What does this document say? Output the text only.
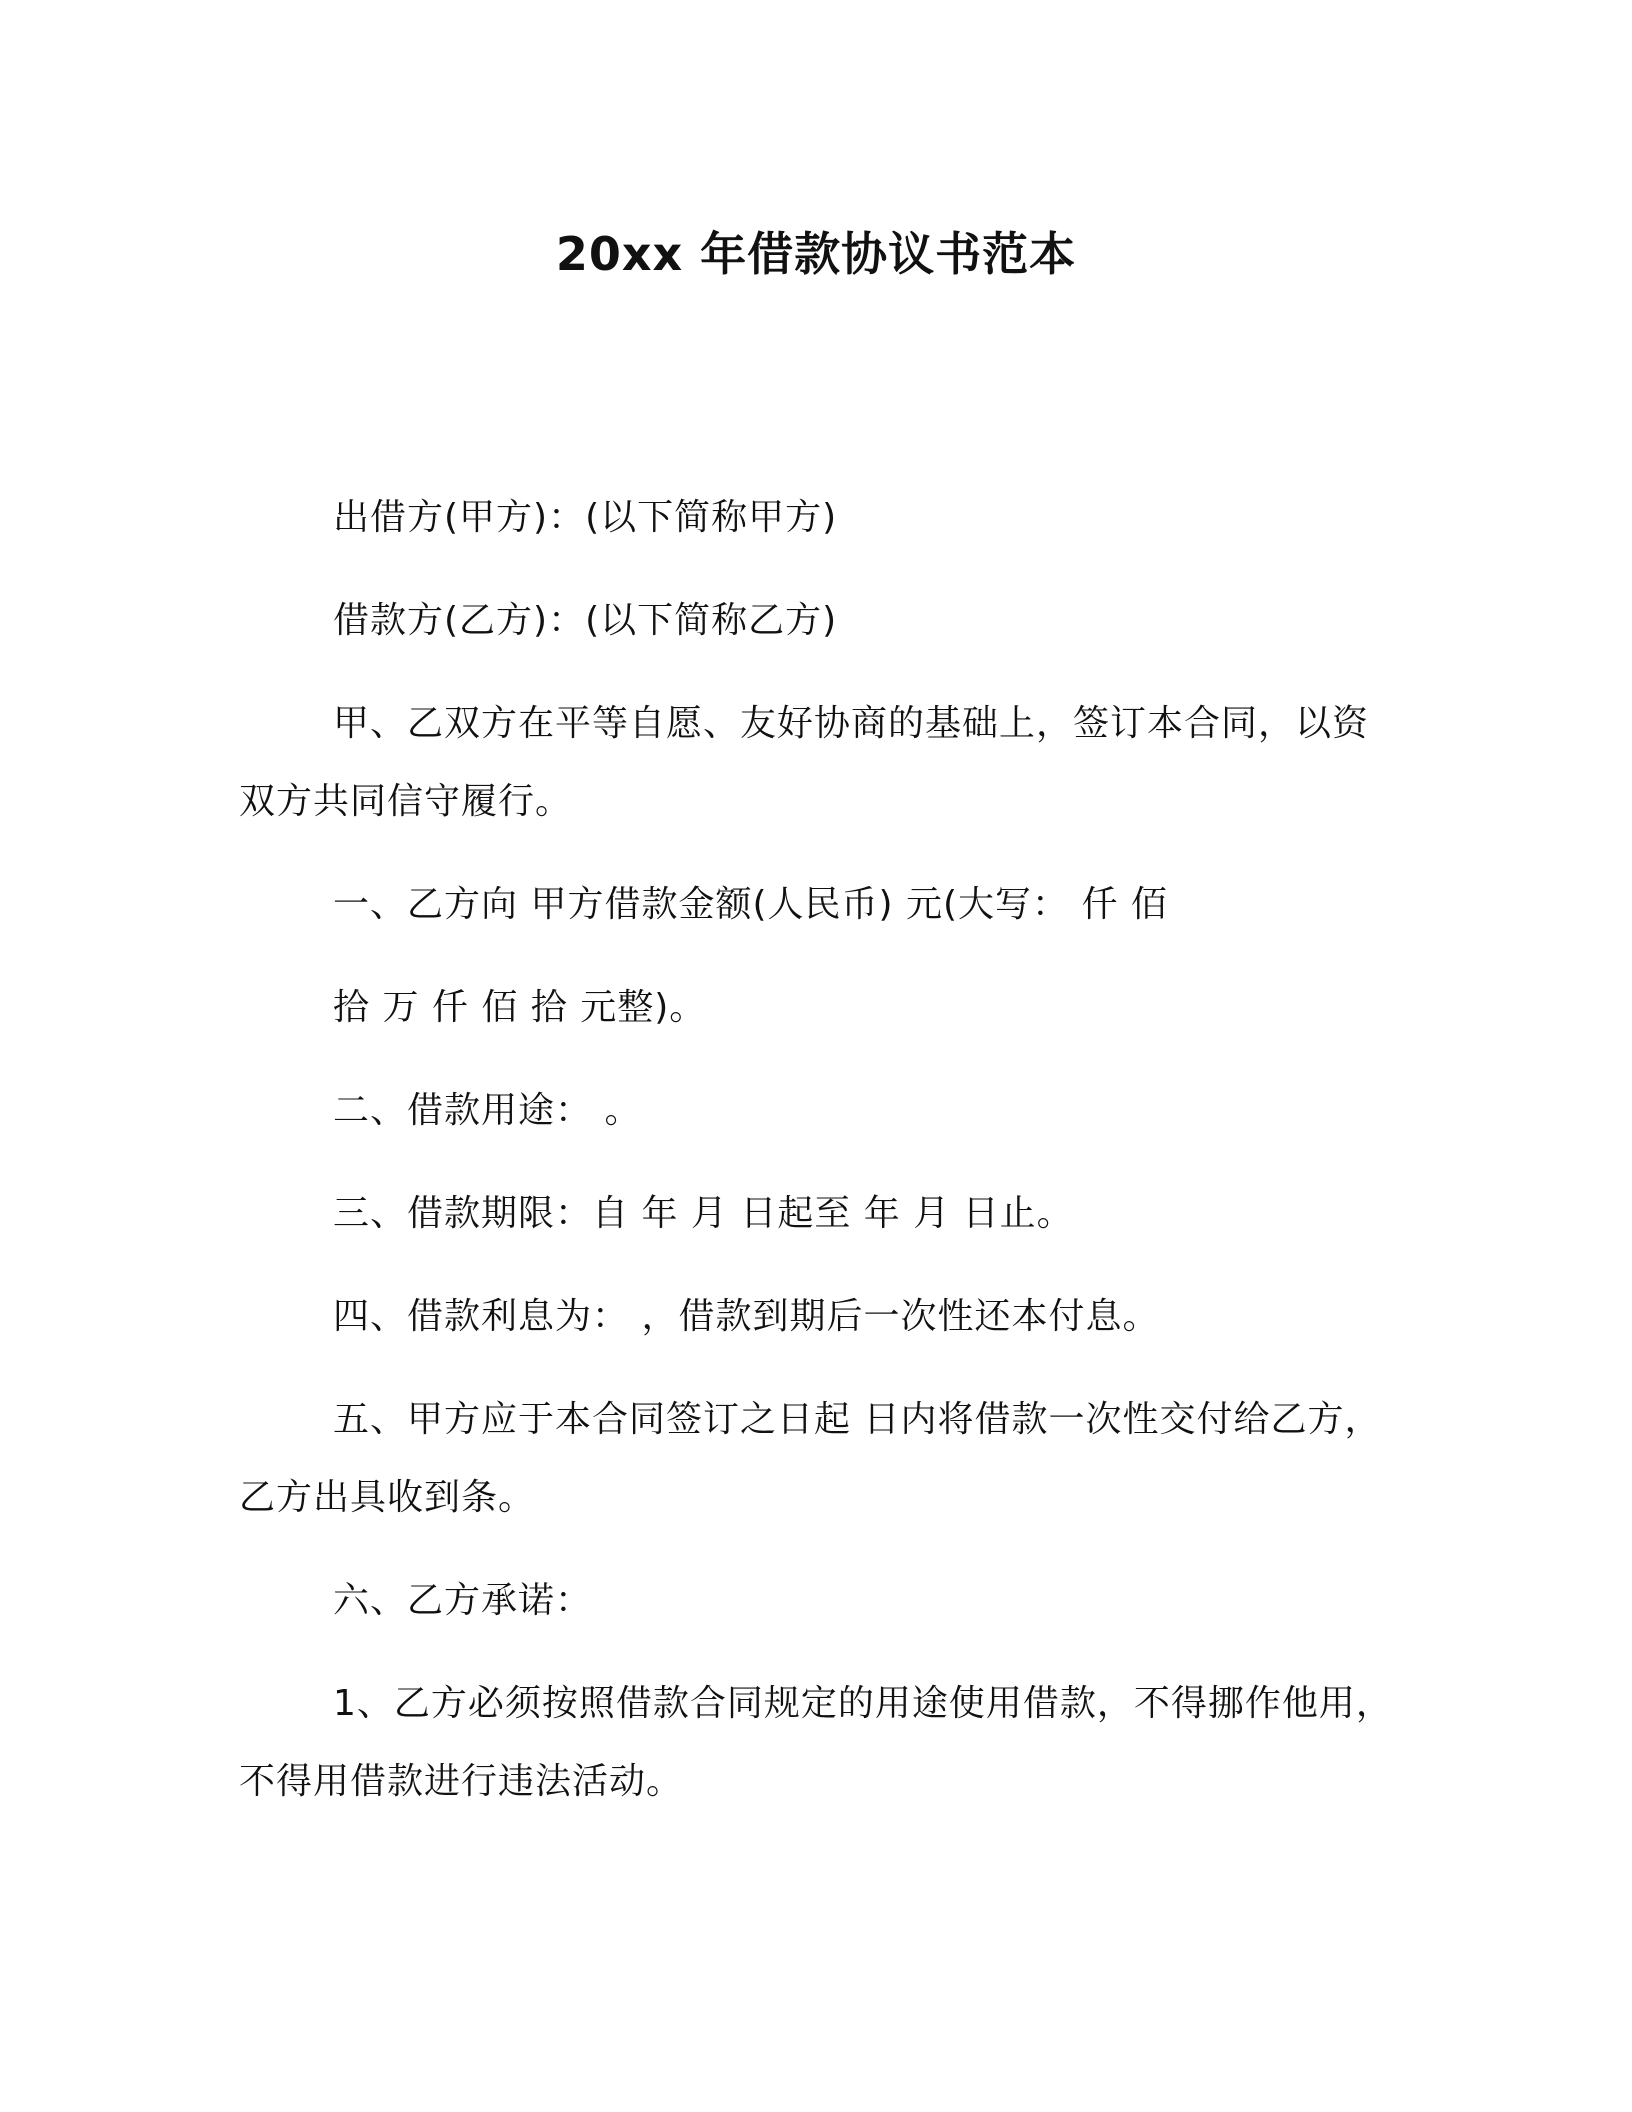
20xx 年借款协议书范本
出借方(甲方)：(以下简称甲方)
借款方(乙方)：(以下简称乙方)
甲、乙双方在平等自愿、友好协商的基础上，签订本合同，以资
双方共同信守履行。
一、乙方向 甲方借款金额(人民币) 元(大写： 仟 佰
拾 万 仟 佰 拾 元整)。
二、借款用途： 。
三、借款期限：自 年 月 日起至 年 月 日止。
四、借款利息为： ，借款到期后一次性还本付息。
五、甲方应于本合同签订之日起 日内将借款一次性交付给乙方，
乙方出具收到条。
六、乙方承诺：
1、乙方必须按照借款合同规定的用途使用借款，不得挪作他用，
不得用借款进行违法活动。
